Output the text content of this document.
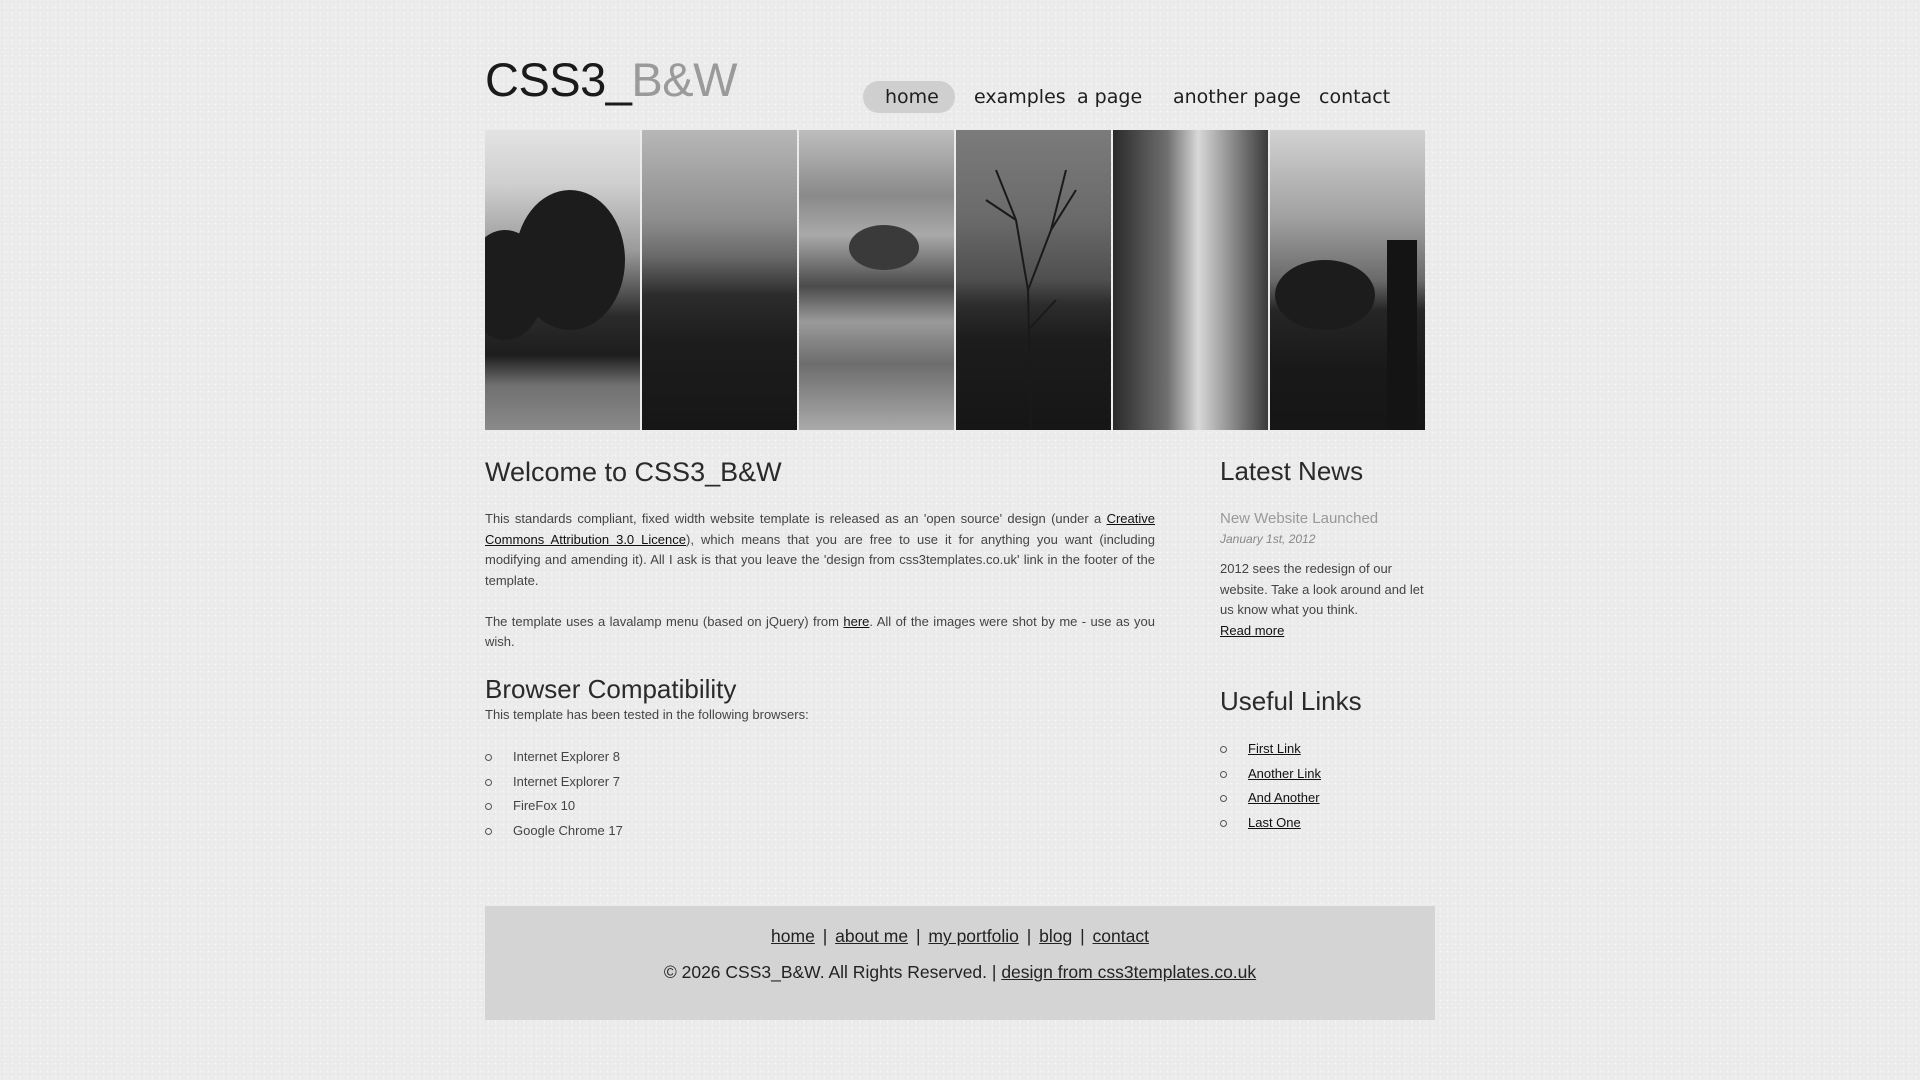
CSS3_B&W	home examples a page another page contact
Welcome to CSS3_B&W

This standards compliant, fixed width website template is released as an 'open source' design (under a Creative Commons Attribution 3.0 Licence), which means that you are free to use it for anything you want (including modifying and amending it). All I ask is that you leave the 'design from css3templates.co.uk' link in the footer of the template.

The template uses a lavalamp menu (based on jQuery) from here. All of the images were shot by me - use as you wish.

Browser Compatibility

This template has been tested in the following browsers:

Internet Explorer 8
Internet Explorer 7
FireFox 10
Google Chrome 17
Latest News
New Website Launched
January 1st, 2012

2012 sees the redesign of our website. Take a look around and let us know what you think.

Read more
Useful Links
First Link
Another Link
And Another
Last One
home | about me | my portfolio | blog | contact
© 2026 CSS3_B&W. All Rights Reserved. | design from css3templates.co.uk
